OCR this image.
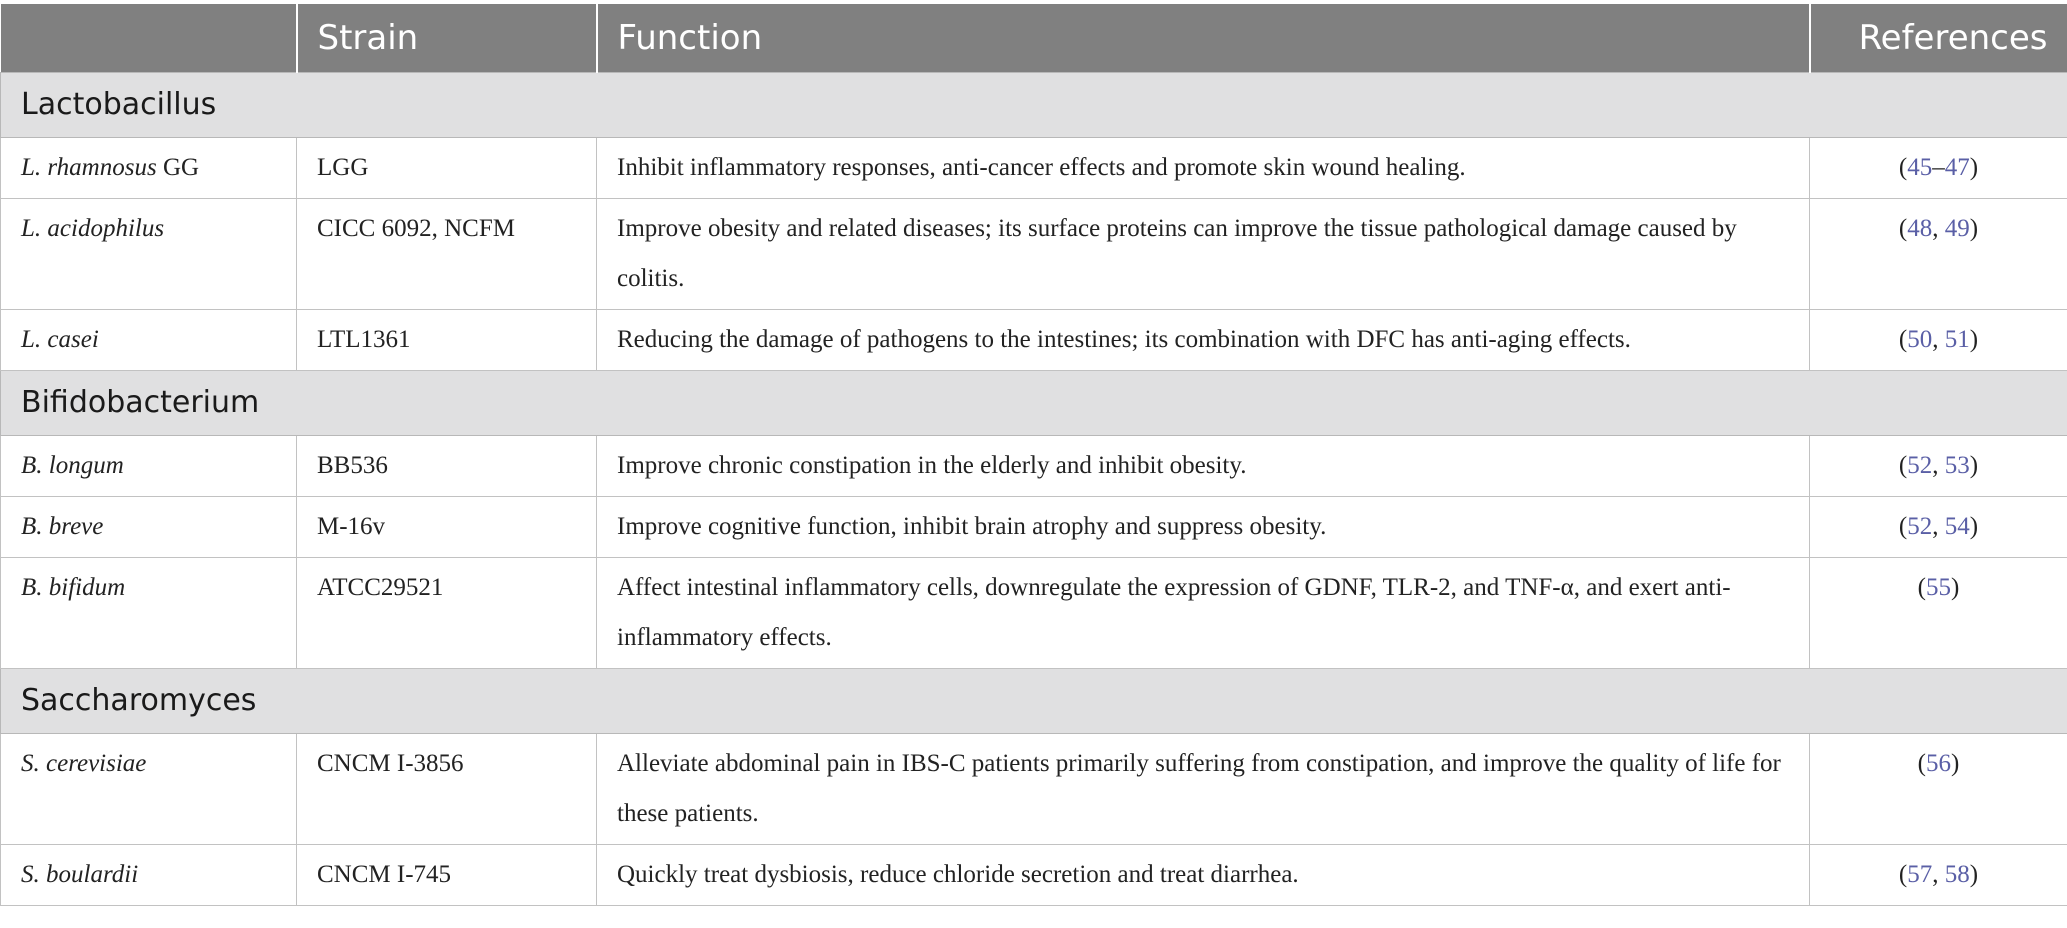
	Strain	Function	References
Lactobacillus			
L. rhamnosus GG	LGG	Inhibit inflammatory responses, anti-cancer effects and promote skin wound healing.	(45–47)
L. acidophilus	CICC 6092, NCFM	Improve obesity and related diseases; its surface proteins can improve the tissue pathological damage caused by colitis.	(48, 49)
L. casei	LTL1361	Reducing the damage of pathogens to the intestines; its combination with DFC has anti-aging effects.	(50, 51)
Bifidobacterium			
B. longum	BB536	Improve chronic constipation in the elderly and inhibit obesity.	(52, 53)
B. breve	M-16v	Improve cognitive function, inhibit brain atrophy and suppress obesity.	(52, 54)
B. bifidum	ATCC29521	Affect intestinal inflammatory cells, downregulate the expression of GDNF, TLR-2, and TNF-α, and exert anti-inflammatory effects.	(55)
Saccharomyces			
S. cerevisiae	CNCM I-3856	Alleviate abdominal pain in IBS-C patients primarily suffering from constipation, and improve the quality of life for these patients.	(56)
S. boulardii	CNCM I-745	Quickly treat dysbiosis, reduce chloride secretion and treat diarrhea.	(57, 58)
